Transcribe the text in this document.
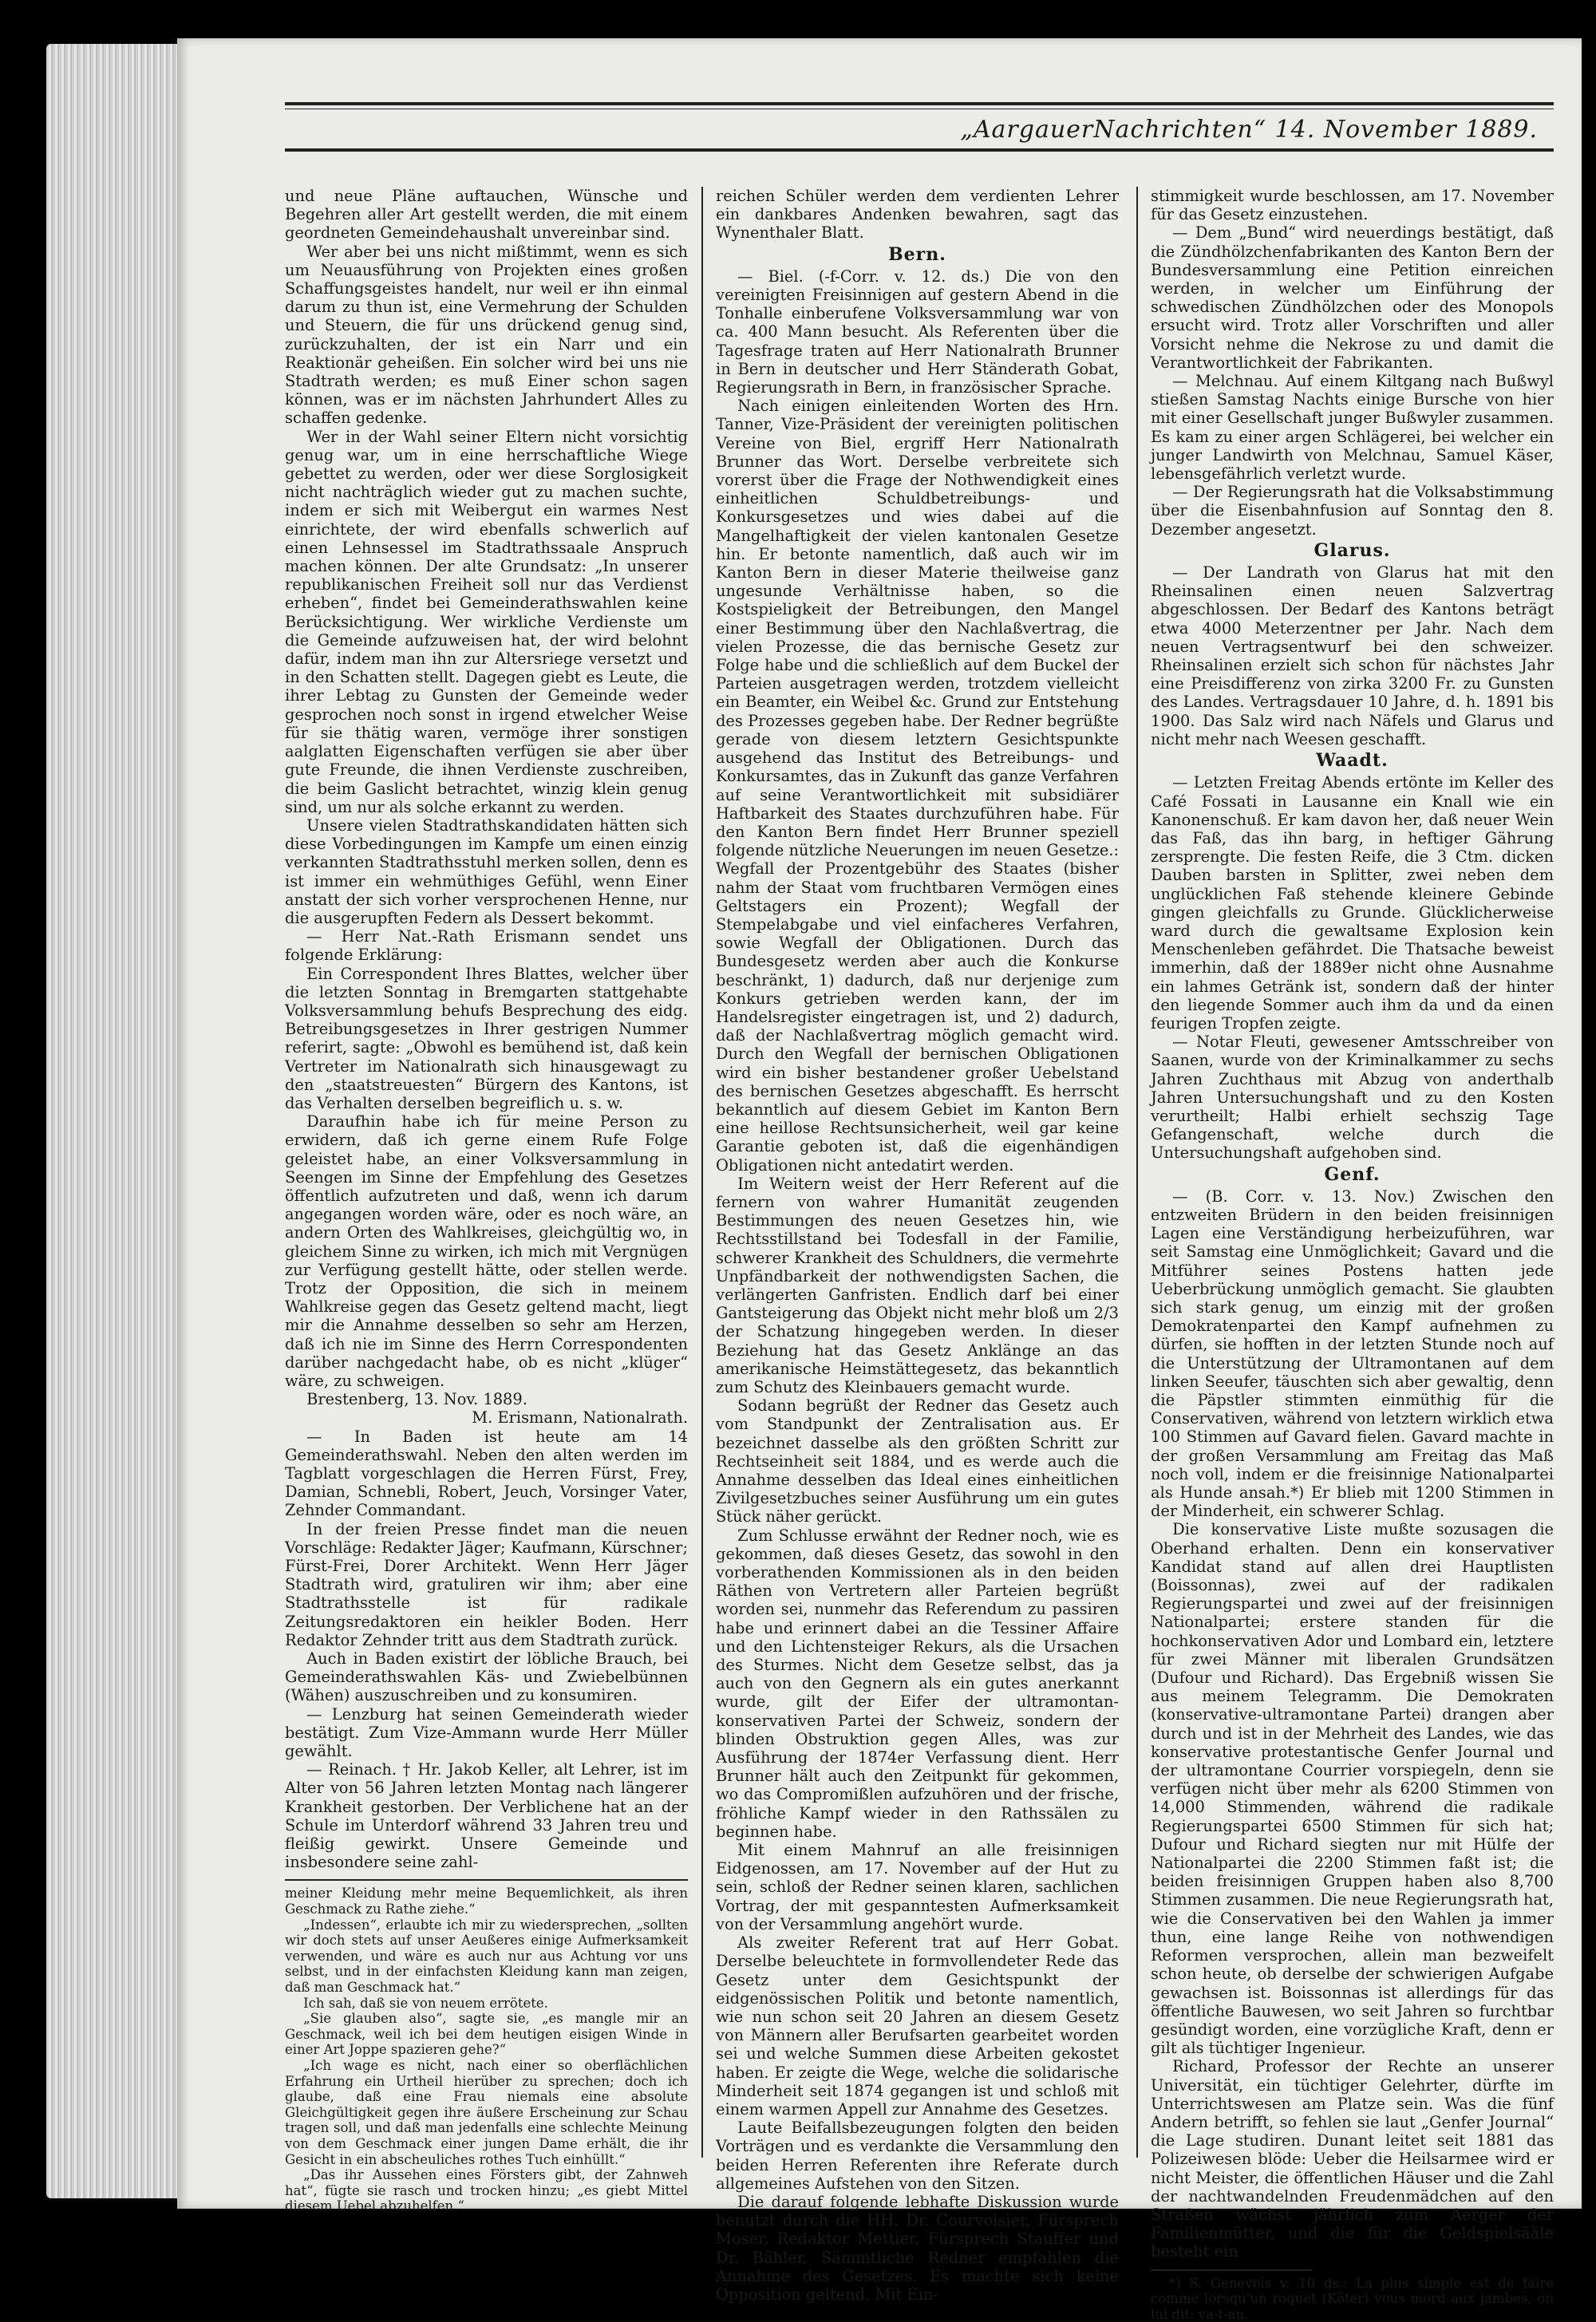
„AargauerNachrichten“ 14. November 1889.

und neue Pläne auftauchen, Wünsche und Begehren aller Art gestellt werden, die mit einem geordneten Gemeindehaushalt unvereinbar sind.

Wer aber bei uns nicht mißtimmt, wenn es sich um Neuausführung von Projekten eines großen Schaffungsgeistes handelt, nur weil er ihn einmal darum zu thun ist, eine Vermehrung der Schulden und Steuern, die für uns drückend genug sind, zurückzuhalten, der ist ein Narr und ein Reaktionär geheißen. Ein solcher wird bei uns nie Stadtrath werden; es muß Einer schon sagen können, was er im nächsten Jahrhundert Alles zu schaffen gedenke.

Wer in der Wahl seiner Eltern nicht vorsichtig genug war, um in eine herrschaftliche Wiege gebettet zu werden, oder wer diese Sorglosigkeit nicht nachträglich wieder gut zu machen suchte, indem er sich mit Weibergut ein warmes Nest einrichtete, der wird ebenfalls schwerlich auf einen Lehnsessel im Stadtrathssaale Anspruch machen können. Der alte Grundsatz: „In unserer republikanischen Freiheit soll nur das Verdienst erheben“, findet bei Gemeinderathswahlen keine Berücksichtigung. Wer wirkliche Verdienste um die Gemeinde aufzuweisen hat, der wird belohnt dafür, indem man ihn zur Altersriege versetzt und in den Schatten stellt. Dagegen giebt es Leute, die ihrer Lebtag zu Gunsten der Gemeinde weder gesprochen noch sonst in irgend etwelcher Weise für sie thätig waren, vermöge ihrer sonstigen aalglatten Eigenschaften verfügen sie aber über gute Freunde, die ihnen Verdienste zuschreiben, die beim Gaslicht betrachtet, winzig klein genug sind, um nur als solche erkannt zu werden.

Unsere vielen Stadtrathskandidaten hätten sich diese Vorbedingungen im Kampfe um einen einzig verkannten Stadtrathsstuhl merken sollen, denn es ist immer ein wehmüthiges Gefühl, wenn Einer anstatt der sich vorher versprochenen Henne, nur die ausgerupften Federn als Dessert bekommt.

— Herr Nat.-Rath Erismann sendet uns folgende Erklärung:

Ein Correspondent Ihres Blattes, welcher über die letzten Sonntag in Bremgarten stattgehabte Volksversammlung behufs Besprechung des eidg. Betreibungsgesetzes in Ihrer gestrigen Nummer referirt, sagte: „Obwohl es bemühend ist, daß kein Vertreter im Nationalrath sich hinausgewagt zu den „staatstreuesten“ Bürgern des Kantons, ist das Verhalten derselben begreiflich u. s. w.

Daraufhin habe ich für meine Person zu erwidern, daß ich gerne einem Rufe Folge geleistet habe, an einer Volksversammlung in Seengen im Sinne der Empfehlung des Gesetzes öffentlich aufzutreten und daß, wenn ich darum angegangen worden wäre, oder es noch wäre, an andern Orten des Wahlkreises, gleichgültig wo, in gleichem Sinne zu wirken, ich mich mit Vergnügen zur Verfügung gestellt hätte, oder stellen werde. Trotz der Opposition, die sich in meinem Wahlkreise gegen das Gesetz geltend macht, liegt mir die Annahme desselben so sehr am Herzen, daß ich nie im Sinne des Herrn Correspondenten darüber nachgedacht habe, ob es nicht „klüger“ wäre, zu schweigen.

Brestenberg, 13. Nov. 1889.

M. Erismann, Nationalrath.

— In Baden ist heute am 14 Gemeinderathswahl. Neben den alten werden im Tagblatt vorgeschlagen die Herren Fürst, Frey, Damian, Schnebli, Robert, Jeuch, Vorsinger Vater, Zehnder Commandant.

In der freien Presse findet man die neuen Vorschläge: Redakter Jäger; Kaufmann, Kürschner; Fürst-Frei, Dorer Architekt. Wenn Herr Jäger Stadtrath wird, gratuliren wir ihm; aber eine Stadtrathsstelle ist für radikale Zeitungsredaktoren ein heikler Boden. Herr Redaktor Zehnder tritt aus dem Stadtrath zurück.

Auch in Baden existirt der löbliche Brauch, bei Gemeinderathswahlen Käs- und Zwiebelbünnen (Wähen) auszuschreiben und zu konsumiren.

— Lenzburg hat seinen Gemeinderath wieder bestätigt. Zum Vize-Ammann wurde Herr Müller gewählt.

— Reinach. † Hr. Jakob Keller, alt Lehrer, ist im Alter von 56 Jahren letzten Montag nach längerer Krankheit gestorben. Der Verblichene hat an der Schule im Unterdorf während 33 Jahren treu und fleißig gewirkt. Unsere Gemeinde und insbesondere seine zahl-

meiner Kleidung mehr meine Bequemlichkeit, als ihren Geschmack zu Rathe ziehe.“

„Indessen“, erlaubte ich mir zu wiedersprechen, „sollten wir doch stets auf unser Aeußeres einige Aufmerksamkeit verwenden, und wäre es auch nur aus Achtung vor uns selbst, und in der einfachsten Kleidung kann man zeigen, daß man Geschmack hat.“

Ich sah, daß sie von neuem errötete.

„Sie glauben also“, sagte sie, „es mangle mir an Geschmack, weil ich bei dem heutigen eisigen Winde in einer Art Joppe spazieren gehe?“

„Ich wage es nicht, nach einer so oberflächlichen Erfahrung ein Urtheil hierüber zu sprechen; doch ich glaube, daß eine Frau niemals eine absolute Gleichgültigkeit gegen ihre äußere Erscheinung zur Schau tragen soll, und daß man jedenfalls eine schlechte Meinung von dem Geschmack einer jungen Dame erhält, die ihr Gesicht in ein abscheuliches rothes Tuch einhüllt.“

„Das ihr Aussehen eines Försters gibt, der Zahnweh hat“, fügte sie rasch und trocken hinzu; „es giebt Mittel diesem Uebel abzuhelfen.“

reichen Schüler werden dem verdienten Lehrer ein dankbares Andenken bewahren, sagt das Wynenthaler Blatt.

Bern.

— Biel. (-f-Corr. v. 12. ds.) Die von den vereinigten Freisinnigen auf gestern Abend in die Tonhalle einberufene Volksversammlung war von ca. 400 Mann besucht. Als Referenten über die Tagesfrage traten auf Herr Nationalrath Brunner in Bern in deutscher und Herr Ständerath Gobat, Regierungsrath in Bern, in französischer Sprache.

Nach einigen einleitenden Worten des Hrn. Tanner, Vize-Präsident der vereinigten politischen Vereine von Biel, ergriff Herr Nationalrath Brunner das Wort. Derselbe verbreitete sich vorerst über die Frage der Nothwendigkeit eines einheitlichen Schuldbetreibungs- und Konkursgesetzes und wies dabei auf die Mangelhaftigkeit der vielen kantonalen Gesetze hin. Er betonte namentlich, daß auch wir im Kanton Bern in dieser Materie theilweise ganz ungesunde Verhältnisse haben, so die Kostspieligkeit der Betreibungen, den Mangel einer Bestimmung über den Nachlaßvertrag, die vielen Prozesse, die das bernische Gesetz zur Folge habe und die schließlich auf dem Buckel der Parteien ausgetragen werden, trotzdem vielleicht ein Beamter, ein Weibel &c. Grund zur Entstehung des Prozesses gegeben habe. Der Redner begrüßte gerade von diesem letztern Gesichtspunkte ausgehend das Institut des Betreibungs- und Konkursamtes, das in Zukunft das ganze Verfahren auf seine Verantwortlichkeit mit subsidiärer Haftbarkeit des Staates durchzuführen habe. Für den Kanton Bern findet Herr Brunner speziell folgende nützliche Neuerungen im neuen Gesetze.: Wegfall der Prozentgebühr des Staates (bisher nahm der Staat vom fruchtbaren Vermögen eines Geltstagers ein Prozent); Wegfall der Stempelabgabe und viel einfacheres Verfahren, sowie Wegfall der Obligationen. Durch das Bundesgesetz werden aber auch die Konkurse beschränkt, 1) dadurch, daß nur derjenige zum Konkurs getrieben werden kann, der im Handelsregister eingetragen ist, und 2) dadurch, daß der Nachlaßvertrag möglich gemacht wird. Durch den Wegfall der bernischen Obligationen wird ein bisher bestandener großer Uebelstand des bernischen Gesetzes abgeschafft. Es herrscht bekanntlich auf diesem Gebiet im Kanton Bern eine heillose Rechtsunsicherheit, weil gar keine Garantie geboten ist, daß die eigenhändigen Obligationen nicht antedatirt werden.

Im Weitern weist der Herr Referent auf die fernern von wahrer Humanität zeugenden Bestimmungen des neuen Gesetzes hin, wie Rechtsstillstand bei Todesfall in der Familie, schwerer Krankheit des Schuldners, die vermehrte Unpfändbarkeit der nothwendigsten Sachen, die verlängerten Ganfristen. Endlich darf bei einer Gantsteigerung das Objekt nicht mehr bloß um 2/3 der Schatzung hingegeben werden. In dieser Beziehung hat das Gesetz Anklänge an das amerikanische Heimstättegesetz, das bekanntlich zum Schutz des Kleinbauers gemacht wurde.

Sodann begrüßt der Redner das Gesetz auch vom Standpunkt der Zentralisation aus. Er bezeichnet dasselbe als den größten Schritt zur Rechtseinheit seit 1884, und es werde auch die Annahme desselben das Ideal eines einheitlichen Zivilgesetzbuches seiner Ausführung um ein gutes Stück näher gerückt.

Zum Schlusse erwähnt der Redner noch, wie es gekommen, daß dieses Gesetz, das sowohl in den vorberathenden Kommissionen als in den beiden Räthen von Vertretern aller Parteien begrüßt worden sei, nunmehr das Referendum zu passiren habe und erinnert dabei an die Tessiner Affaire und den Lichtensteiger Rekurs, als die Ursachen des Sturmes. Nicht dem Gesetze selbst, das ja auch von den Gegnern als ein gutes anerkannt wurde, gilt der Eifer der ultramontan-konservativen Partei der Schweiz, sondern der blinden Obstruktion gegen Alles, was zur Ausführung der 1874er Verfassung dient. Herr Brunner hält auch den Zeitpunkt für gekommen, wo das Compromißlen aufzuhören und der frische, fröhliche Kampf wieder in den Rathssälen zu beginnen habe.

Mit einem Mahnruf an alle freisinnigen Eidgenossen, am 17. November auf der Hut zu sein, schloß der Redner seinen klaren, sachlichen Vortrag, der mit gespanntesten Aufmerksamkeit von der Versammlung angehört wurde.

Als zweiter Referent trat auf Herr Gobat. Derselbe beleuchtete in formvollendeter Rede das Gesetz unter dem Gesichtspunkt der eidgenössischen Politik und betonte namentlich, wie nun schon seit 20 Jahren an diesem Gesetz von Männern aller Berufsarten gearbeitet worden sei und welche Summen diese Arbeiten gekostet haben. Er zeigte die Wege, welche die solidarische Minderheit seit 1874 gegangen ist und schloß mit einem warmen Appell zur Annahme des Gesetzes.

Laute Beifallsbezeugungen folgten den beiden Vorträgen und es verdankte die Versammlung den beiden Herren Referenten ihre Referate durch allgemeines Aufstehen von den Sitzen.

Die darauf folgende lebhafte Diskussion wurde benutzt durch die HH. Dr. Courvoisier, Fürsprech Moser, Redaktor Mettier, Fürsprech Stauffer und Dr. Bähler. Sämmtliche Redner empfahlen die Annahme des Gesetzes. Es machte sich keine Opposition geltend. Mit Ein-

stimmigkeit wurde beschlossen, am 17. November für das Gesetz einzustehen.

— Dem „Bund“ wird neuerdings bestätigt, daß die Zündhölzchenfabrikanten des Kanton Bern der Bundesversammlung eine Petition einreichen werden, in welcher um Einführung der schwedischen Zündhölzchen oder des Monopols ersucht wird. Trotz aller Vorschriften und aller Vorsicht nehme die Nekrose zu und damit die Verantwortlichkeit der Fabrikanten.

— Melchnau. Auf einem Kiltgang nach Bußwyl stießen Samstag Nachts einige Bursche von hier mit einer Gesellschaft junger Bußwyler zusammen. Es kam zu einer argen Schlägerei, bei welcher ein junger Landwirth von Melchnau, Samuel Käser, lebensgefährlich verletzt wurde.

— Der Regierungsrath hat die Volksabstimmung über die Eisenbahnfusion auf Sonntag den 8. Dezember angesetzt.

Glarus.

— Der Landrath von Glarus hat mit den Rheinsalinen einen neuen Salzvertrag abgeschlossen. Der Bedarf des Kantons beträgt etwa 4000 Meterzentner per Jahr. Nach dem neuen Vertragsentwurf bei den schweizer. Rheinsalinen erzielt sich schon für nächstes Jahr eine Preisdifferenz von zirka 3200 Fr. zu Gunsten des Landes. Vertragsdauer 10 Jahre, d. h. 1891 bis 1900. Das Salz wird nach Näfels und Glarus und nicht mehr nach Weesen geschafft.

Waadt.

— Letzten Freitag Abends ertönte im Keller des Café Fossati in Lausanne ein Knall wie ein Kanonenschuß. Er kam davon her, daß neuer Wein das Faß, das ihn barg, in heftiger Gährung zersprengte. Die festen Reife, die 3 Ctm. dicken Dauben barsten in Splitter, zwei neben dem unglücklichen Faß stehende kleinere Gebinde gingen gleichfalls zu Grunde. Glücklicherweise ward durch die gewaltsame Explosion kein Menschenleben gefährdet. Die Thatsache beweist immerhin, daß der 1889er nicht ohne Ausnahme ein lahmes Getränk ist, sondern daß der hinter den liegende Sommer auch ihm da und da einen feurigen Tropfen zeigte.

— Notar Fleuti, gewesener Amtsschreiber von Saanen, wurde von der Kriminalkammer zu sechs Jahren Zuchthaus mit Abzug von anderthalb Jahren Untersuchungshaft und zu den Kosten verurtheilt; Halbi erhielt sechszig Tage Gefangenschaft, welche durch die Untersuchungshaft aufgehoben sind.

Genf.

— (B. Corr. v. 13. Nov.) Zwischen den entzweiten Brüdern in den beiden freisinnigen Lagen eine Verständigung herbeizuführen, war seit Samstag eine Unmöglichkeit; Gavard und die Mitführer seines Postens hatten jede Ueberbrückung unmöglich gemacht. Sie glaubten sich stark genug, um einzig mit der großen Demokratenpartei den Kampf aufnehmen zu dürfen, sie hofften in der letzten Stunde noch auf die Unterstützung der Ultramontanen auf dem linken Seeufer, täuschten sich aber gewaltig, denn die Päpstler stimmten einmüthig für die Conservativen, während von letztern wirklich etwa 100 Stimmen auf Gavard fielen. Gavard machte in der großen Versammlung am Freitag das Maß noch voll, indem er die freisinnige Nationalpartei als Hunde ansah.*) Er blieb mit 1200 Stimmen in der Minderheit, ein schwerer Schlag.

Die konservative Liste mußte sozusagen die Oberhand erhalten. Denn ein konservativer Kandidat stand auf allen drei Hauptlisten (Boissonnas), zwei auf der radikalen Regierungspartei und zwei auf der freisinnigen Nationalpartei; erstere standen für die hochkonservativen Ador und Lombard ein, letztere für zwei Männer mit liberalen Grundsätzen (Dufour und Richard). Das Ergebniß wissen Sie aus meinem Telegramm. Die Demokraten (konservative-ultramontane Partei) drangen aber durch und ist in der Mehrheit des Landes, wie das konservative protestantische Genfer Journal und der ultramontane Courrier vorspiegeln, denn sie verfügen nicht über mehr als 6200 Stimmen von 14,000 Stimmenden, während die radikale Regierungspartei 6500 Stimmen für sich hat; Dufour und Richard siegten nur mit Hülfe der Nationalpartei die 2200 Stimmen faßt ist; die beiden freisinnigen Gruppen haben also 8,700 Stimmen zusammen. Die neue Regierungsrath hat, wie die Conservativen bei den Wahlen ja immer thun, eine lange Reihe von nothwendigen Reformen versprochen, allein man bezweifelt schon heute, ob derselbe der schwierigen Aufgabe gewachsen ist. Boissonnas ist allerdings für das öffentliche Bauwesen, wo seit Jahren so furchtbar gesündigt worden, eine vorzügliche Kraft, denn er gilt als tüchtiger Ingenieur.

Richard, Professor der Rechte an unserer Universität, ein tüchtiger Gelehrter, dürfte im Unterrichtswesen am Platze sein. Was die fünf Andern betrifft, so fehlen sie laut „Genfer Journal“ die Lage studiren. Dunant leitet seit 1881 das Polizeiwesen blöde: Ueber die Heilsarmee wird er nicht Meister, die öffentlichen Häuser und die Zahl der nachtwandelnden Freudenmädchen auf den Straßen wächst jährlich zum Aerger der Familienmütter, und die für die Geldspielsääle besteht ein

*) S. Genevois v. 10 ds.: La plus simple est de faire comme lorsqu'un roquet (Köter) vous mord aux jambes, on lui dit: va-t-an.
